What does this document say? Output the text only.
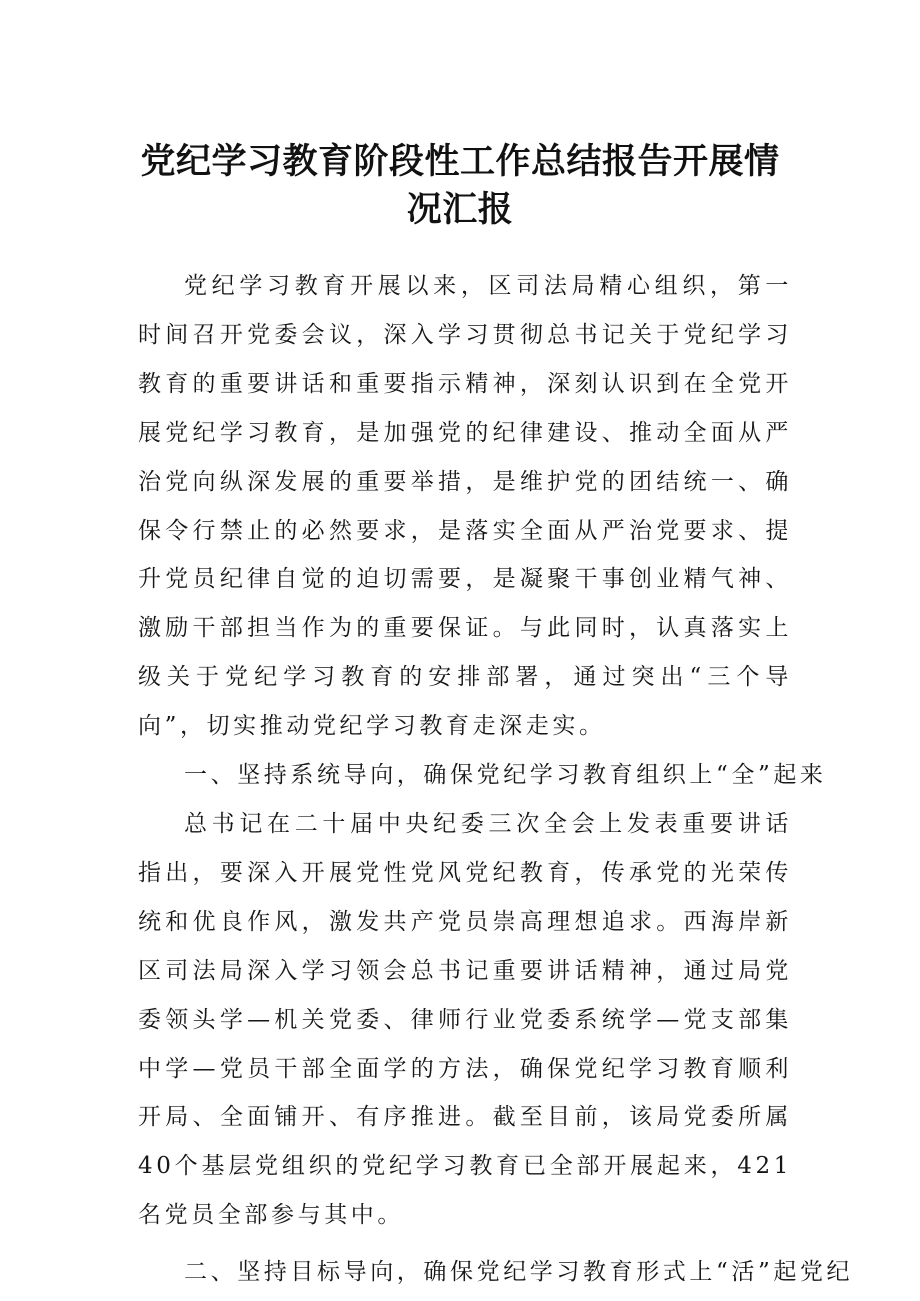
党纪学习教育阶段性工作总结报告开展情况汇报

党纪学习教育开展以来，区司法局精心组织，第一时间召开党委会议，深入学习贯彻总书记关于党纪学习教育的重要讲话和重要指示精神，深刻认识到在全党开展党纪学习教育，是加强党的纪律建设、推动全面从严治党向纵深发展的重要举措，是维护党的团结统一、确保令行禁止的必然要求，是落实全面从严治党要求、提升党员纪律自觉的迫切需要，是凝聚干事创业精气神、激励干部担当作为的重要保证。与此同时，认真落实上级关于党纪学习教育的安排部署，通过突出“三个导向”，切实推动党纪学习教育走深走实。

一、坚持系统导向，确保党纪学习教育组织上“全”起来

总书记在二十届中央纪委三次全会上发表重要讲话指出，要深入开展党性党风党纪教育，传承党的光荣传统和优良作风，激发共产党员崇高理想追求。西海岸新区司法局深入学习领会总书记重要讲话精神，通过局党委领头学—机关党委、律师行业党委系统学—党支部集中学—党员干部全面学的方法，确保党纪学习教育顺利开局、全面铺开、有序推进。截至目前，该局党委所属40个基层党组织的党纪学习教育已全部开展起来，421名党员全部参与其中。

二、坚持目标导向，确保党纪学习教育形式上“活”起党纪
